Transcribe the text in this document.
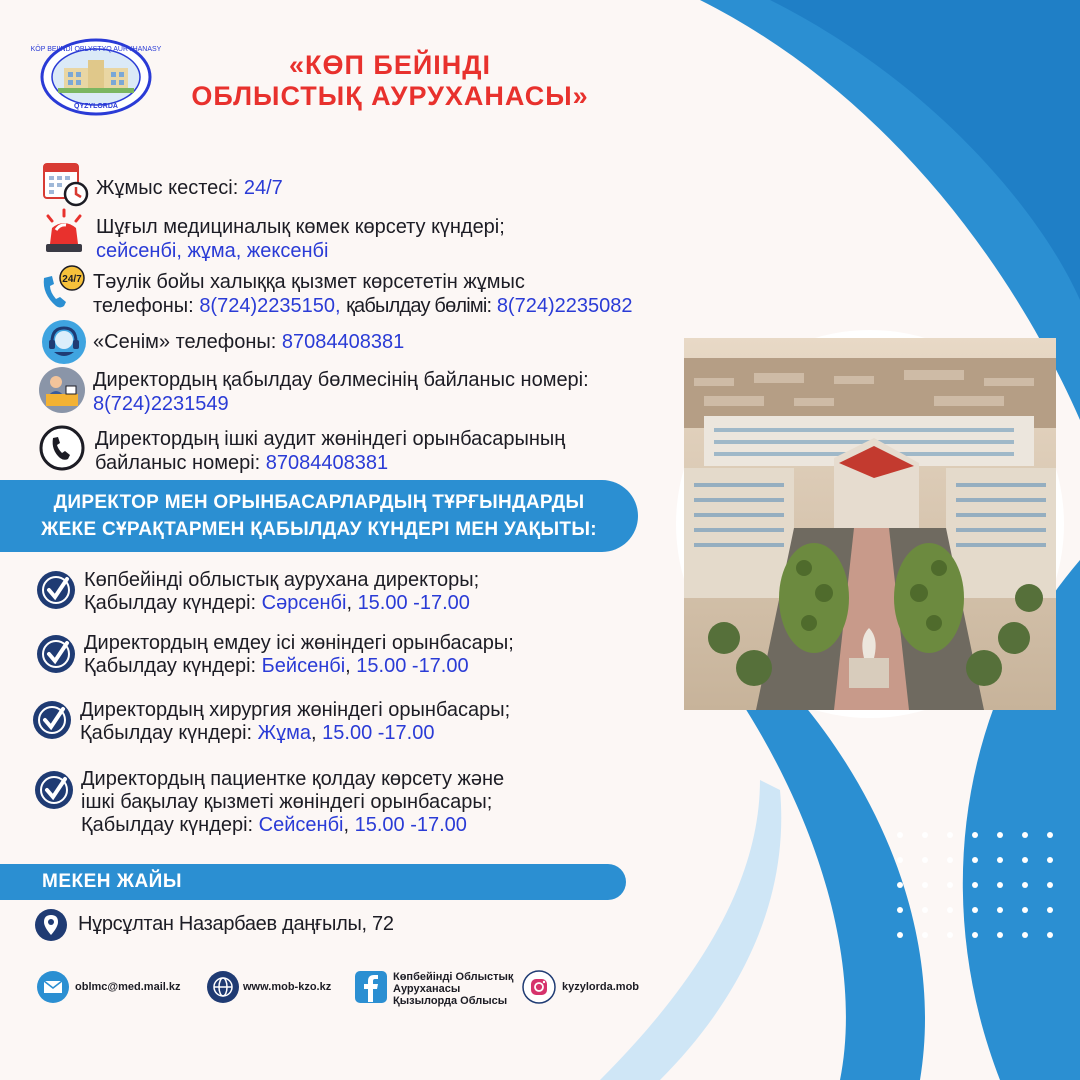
KÖP BEIINDI OBLYSTYQ AURYHANASY
QYZYLORDA
«КӨП БЕЙІНДІ
ОБЛЫСТЫҚ АУРУХАНАСЫ»
Жұмыс кестесі: 24/7
Шұғыл медициналық көмек көрсету күндері;
сейсенбі, жұма, жексенбі
24/7 Тәулік бойы халыққа қызмет көрсететін жұмыс
телефоны: 8(724)2235150, қабылдау бөлімі: 8(724)2235082
«Сенім» телефоны: 87084408381
Директордың қабылдау бөлмесінің байланыс номері:
8(724)2231549
Директордың ішкі аудит жөніндегі орынбасарының
байланыс номері: 87084408381
ДИРЕКТОР МЕН ОРЫНБАСАРЛАРДЫҢ ТҰРҒЫНДАРДЫ
ЖЕКЕ СҰРАҚТАРМЕН ҚАБЫЛДАУ КҮНДЕРІ МЕН УАҚЫТЫ:
Көпбейінді облыстық аурухана директоры;
Қабылдау күндері: Сәрсенбі, 15.00 -17.00
Директордың емдеу ісі жөніндегі орынбасары;
Қабылдау күндері: Бейсенбі, 15.00 -17.00
Директордың хирургия жөніндегі орынбасары;
Қабылдау күндері: Жұма, 15.00 -17.00
Директордың пациентке қолдау көрсету және
ішкі бақылау қызметі жөніндегі орынбасары;
Қабылдау күндері: Сейсенбі, 15.00 -17.00
МЕКЕН ЖАЙЫ
Нұрсұлтан Назарбаев даңғылы, 72
oblmc@med.mail.kz	www.mob-kzo.kz
Көпбейінді Облыстық
Ауруханасы
Қызылорда Облысы
kyzylorda.mob
